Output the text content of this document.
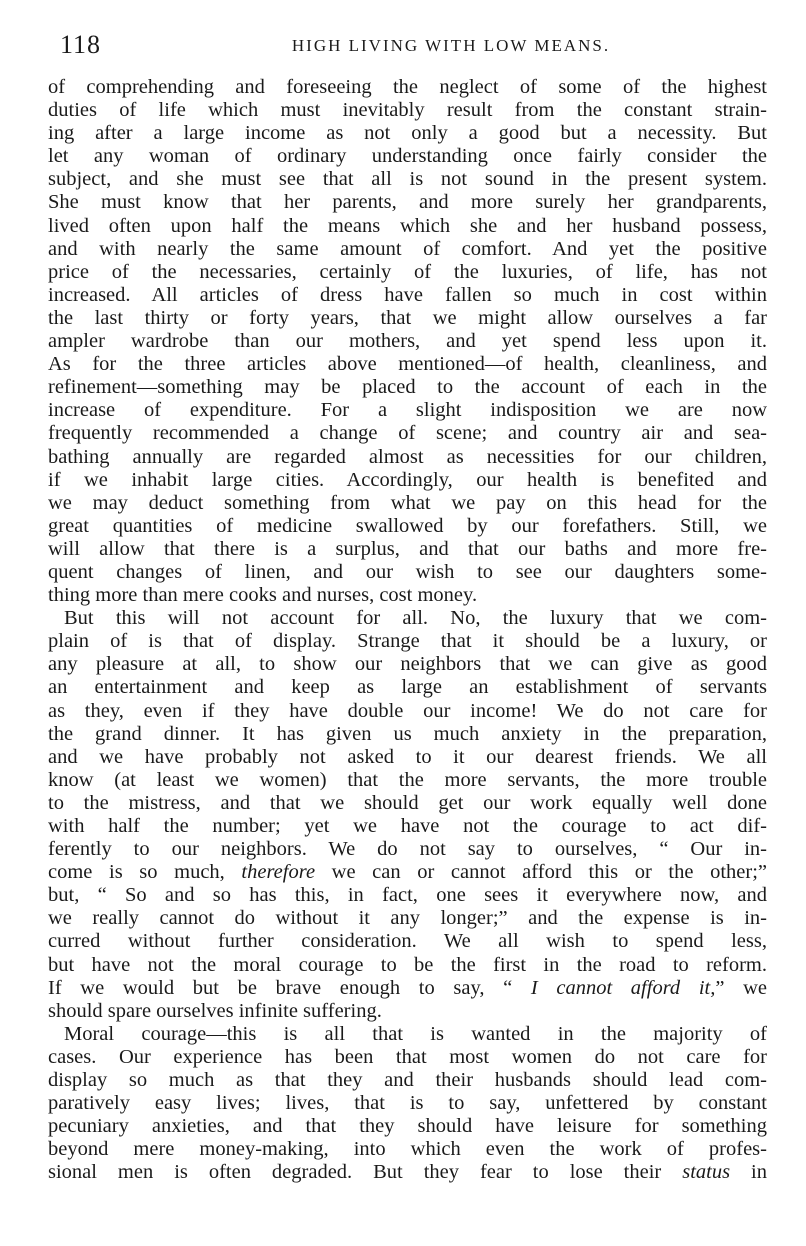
118	HIGH LIVING WITH LOW MEANS.
of comprehending and foreseeing the neglect of some of the highest
duties of life which must inevitably result from the constant strain-
ing after a large income as not only a good but a necessity. But
let any woman of ordinary understanding once fairly consider the
subject, and she must see that all is not sound in the present system.
She must know that her parents, and more surely her grandparents,
lived often upon half the means which she and her husband possess,
and with nearly the same amount of comfort. And yet the positive
price of the necessaries, certainly of the luxuries, of life, has not
increased. All articles of dress have fallen so much in cost within
the last thirty or forty years, that we might allow ourselves a far
ampler wardrobe than our mothers, and yet spend less upon it.
As for the three articles above mentioned—of health, cleanliness, and
refinement—something may be placed to the account of each in the
increase of expenditure. For a slight indisposition we are now
frequently recommended a change of scene; and country air and sea-
bathing annually are regarded almost as necessities for our children,
if we inhabit large cities. Accordingly, our health is benefited and
we may deduct something from what we pay on this head for the
great quantities of medicine swallowed by our forefathers. Still, we
will allow that there is a surplus, and that our baths and more fre-
quent changes of linen, and our wish to see our daughters some-
thing more than mere cooks and nurses, cost money.
But this will not account for all. No, the luxury that we com-
plain of is that of display. Strange that it should be a luxury, or
any pleasure at all, to show our neighbors that we can give as good
an entertainment and keep as large an establishment of servants
as they, even if they have double our income! We do not care for
the grand dinner. It has given us much anxiety in the preparation,
and we have probably not asked to it our dearest friends. We all
know (at least we women) that the more servants, the more trouble
to the mistress, and that we should get our work equally well done
with half the number; yet we have not the courage to act dif-
ferently to our neighbors. We do not say to ourselves, “ Our in-
come is so much, therefore we can or cannot afford this or the other;”
but, “ So and so has this, in fact, one sees it everywhere now, and
we really cannot do without it any longer;” and the expense is in-
curred without further consideration. We all wish to spend less,
but have not the moral courage to be the first in the road to reform.
If we would but be brave enough to say, “ I cannot afford it,” we
should spare ourselves infinite suffering.
Moral courage—this is all that is wanted in the majority of
cases. Our experience has been that most women do not care for
display so much as that they and their husbands should lead com-
paratively easy lives; lives, that is to say, unfettered by constant
pecuniary anxieties, and that they should have leisure for something
beyond mere money-making, into which even the work of profes-
sional men is often degraded. But they fear to lose their status in
